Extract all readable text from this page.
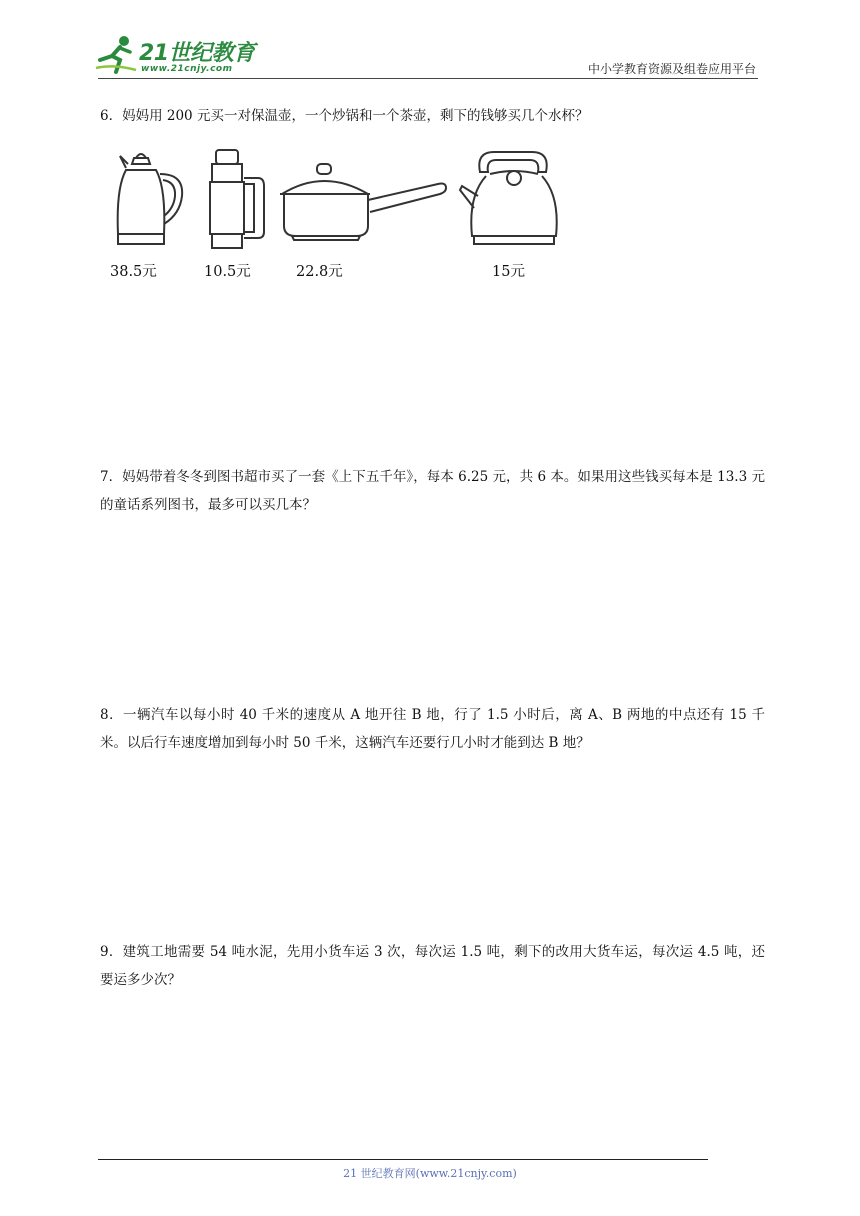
21世纪教育
www.21cnjy.com	中小学教育资源及组卷应用平台
6．妈妈用 200 元买一对保温壶，一个炒锅和一个茶壶，剩下的钱够买几个水杯？
38.5元	10.5元	22.8元	15元
7．妈妈带着冬冬到图书超市买了一套《上下五千年》，每本 6.25 元，共 6 本。如果用这些钱买每本是 13.3 元的童话系列图书，最多可以买几本？
8．一辆汽车以每小时 40 千米的速度从 A 地开往 B 地，行了 1.5 小时后，离 A、B 两地的中点还有 15 千米。以后行车速度增加到每小时 50 千米，这辆汽车还要行几小时才能到达 B 地？
9．建筑工地需要 54 吨水泥，先用小货车运 3 次，每次运 1.5 吨，剩下的改用大货车运，每次运 4.5 吨，还要运多少次？
21 世纪教育网(www.21cnjy.com)
